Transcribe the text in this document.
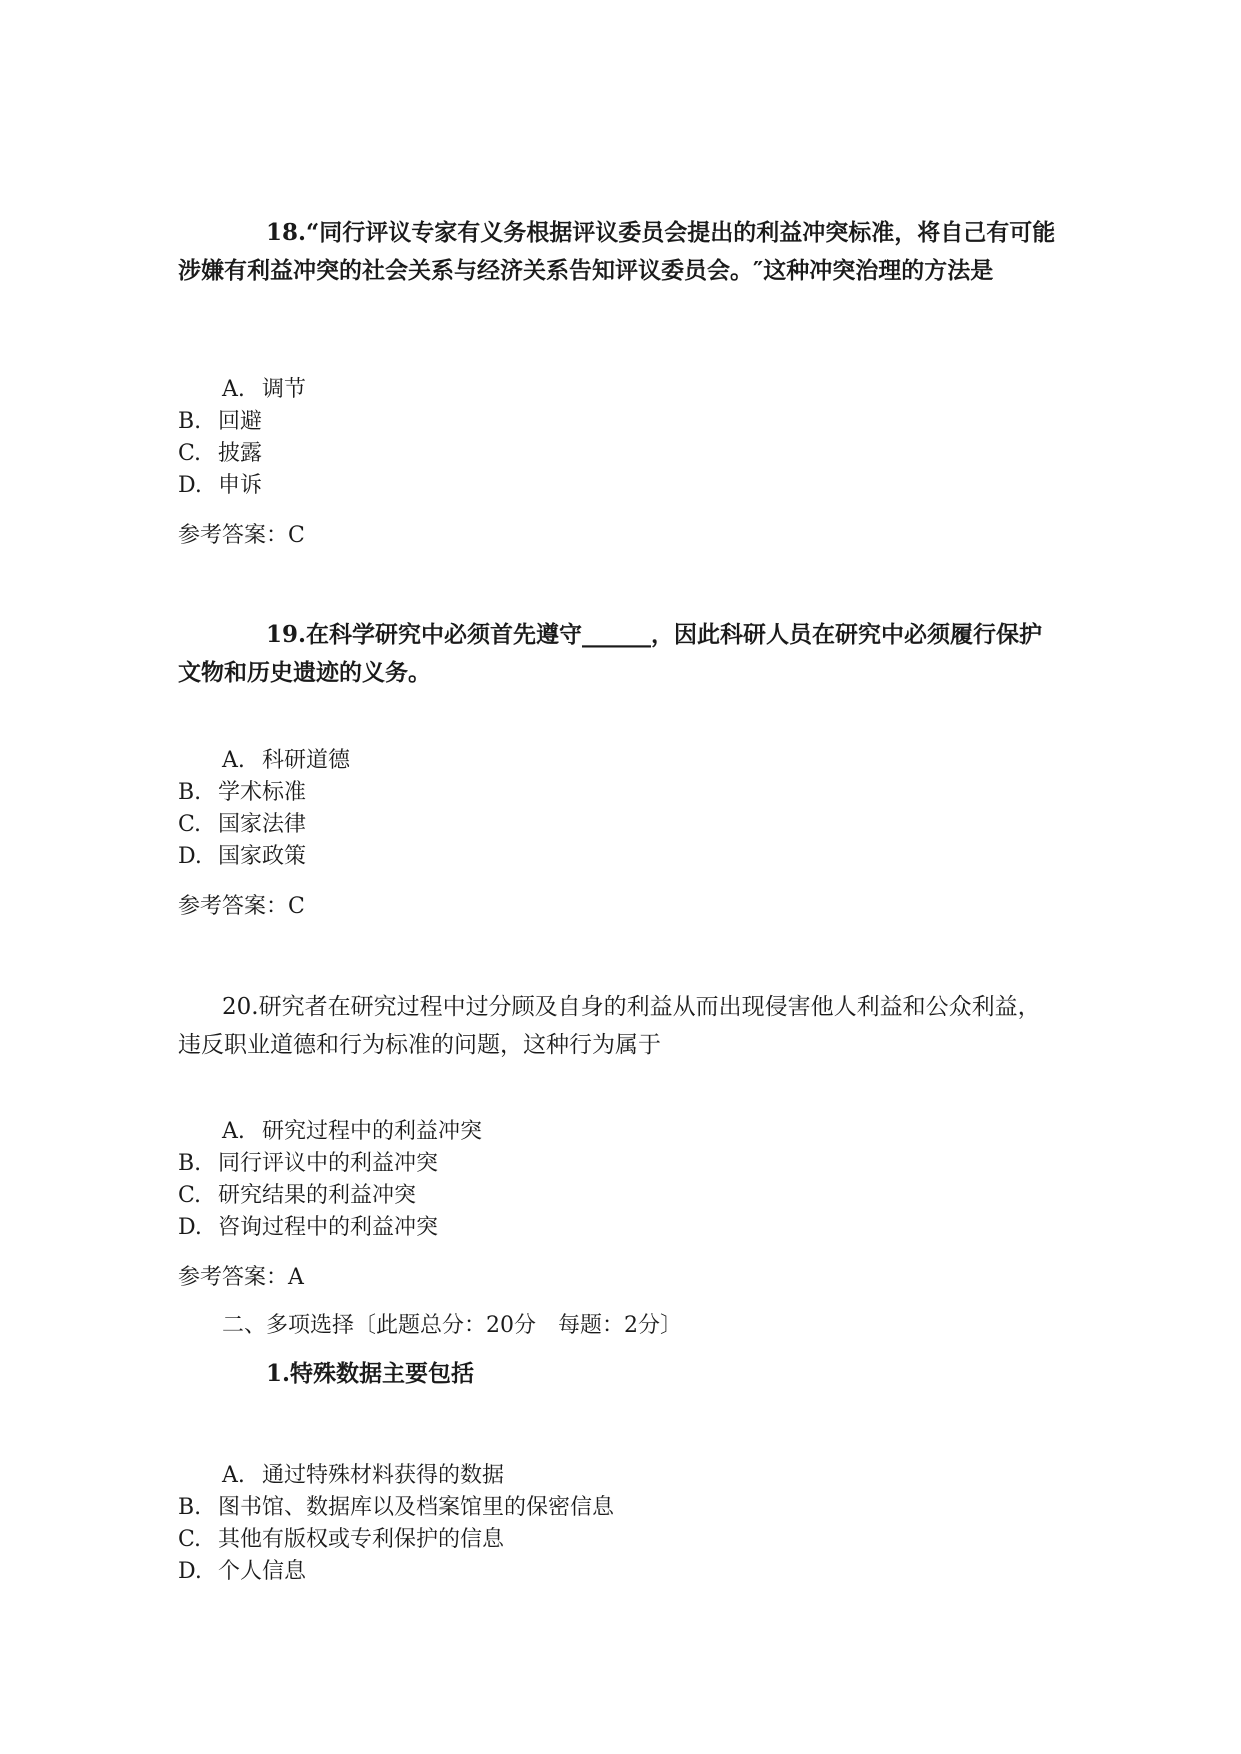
18.“同行评议专家有义务根据评议委员会提出的利益冲突标准，将自己有可能涉嫌有利益冲突的社会关系与经济关系告知评议委员会。″这种冲突治理的方法是

A. 调节
B. 回避
C. 披露
D. 申诉
参考答案：C

19.在科学研究中必须首先遵守______，因此科研人员在研究中必须履行保护文物和历史遗迹的义务。

A. 科研道德
B. 学术标准
C. 国家法律
D. 国家政策
参考答案：C

20.研究者在研究过程中过分顾及自身的利益从而出现侵害他人利益和公众利益，违反职业道德和行为标准的问题，这种行为属于

A. 研究过程中的利益冲突
B. 同行评议中的利益冲突
C. 研究结果的利益冲突
D. 咨询过程中的利益冲突
参考答案：A
二、多项选择〔此题总分：20分　每题：2分〕
1.特殊数据主要包括
A. 通过特殊材料获得的数据
B. 图书馆、数据库以及档案馆里的保密信息
C. 其他有版权或专利保护的信息
D. 个人信息
